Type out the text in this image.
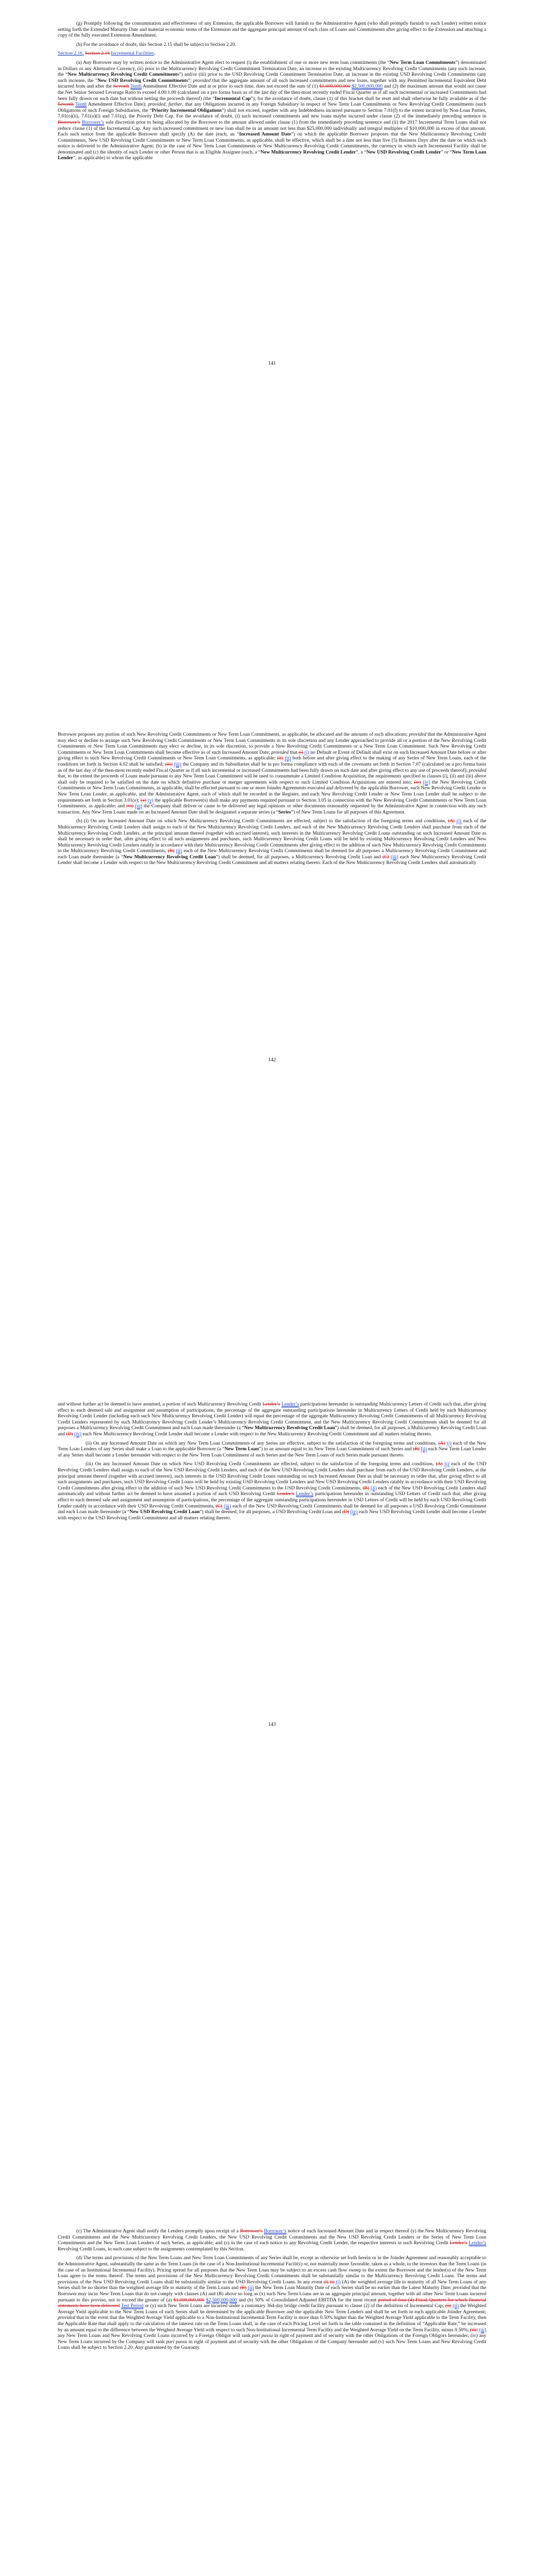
(g) Promptly following the consummation and effectiveness of any Extension, the applicable Borrower will furnish to the Administrative Agent (who shall promptly furnish to each Lender) written notice setting forth the Extended Maturity Date and material economic terms of the Extension and the aggregate principal amount of each class of Loans and Commitments after giving effect to the Extension and attaching a copy of the fully executed Extension Amendment.

(h) For the avoidance of doubt, this Section 2.15 shall be subject to Section 2.20.

Section 2.16. Section 2.16 Incremental Facilities.

(a) Any Borrower may by written notice to the Administrative Agent elect to request (i) the establishment of one or more new term loan commitments (the “New Term Loan Commitments”) denominated in Dollars or any Alternative Currency, (ii) prior to the Multicurrency Revolving Credit Commitment Termination Date, an increase to the existing Multicurrency Revolving Credit Commitments (any such increase, the “New Multicurrency Revolving Credit Commitments”) and/or (iii) prior to the USD Revolving Credit Commitment Termination Date, an increase in the existing USD Revolving Credit Commitments (any such increase, the “New USD Revolving Credit Commitments”; provided that the aggregate amount of all such increased commitments and new loans, together with any Permitted Incremental Equivalent Debt incurred from and after the Seventh Tenth Amendment Effective Date and at or prior to such time, does not exceed the sum of (1) $1,000,000,000 $2,500,000,000 and (2) the maximum amount that would not cause the Net Senior Secured Leverage Ratio to exceed 4.00:1.00 (calculated on a pro forma basis as of the last day of the then-most recently ended Fiscal Quarter as if all such incremental or increased Commitments had been fully drawn on such date but without netting the proceeds thereof) (the “Incremental Cap”); for the avoidance of doubt, clause (1) of this bracket shall be reset and shall otherwise be fully available as of the Seventh Tenth Amendment Effective Date); provided, further, that any Obligations incurred in any Foreign Subsidiary in respect of New Term Loan Commitments or New Revolving Credit Commitments (such Obligations of such Foreign Subsidiaries, the “Priority Incremental Obligations”) shall not exceed, together with any Indebtedness incurred pursuant to Section 7.01(f) to the extent incurred by Non-Loan Parties, 7.01(o)(ii), 7.01(u)(i) and 7.01(q), the Priority Debt Cap. For the avoidance of doubt, (i) such increased commitments and new loans maybe incurred under clause (2) of the immediately preceding sentence in Borrower’s Borrower’s sole discretion prior to being allocated by the Borrower to the amount allowed under clause (1) from the immediately preceding sentence and (ii) the 2017 Incremental Term Loans shall not reduce clause (1) of the Incremental Cap. Any such increased commitment or new loan shall be in an amount not less than $25,000,000 individually and integral multiples of $10,000,000 in excess of that amount. Each such notice from the applicable Borrower shall specify (A) the date (each, an “Increased Amount Date”) on which the applicable Borrower proposes that the New Multicurrency Revolving Credit Commitments, New USD Revolving Credit Commitments or New Term Loan Commitments, as applicable, shall be effective, which shall be a date not less than five (5) Business Days after the date on which such notice is delivered to the Administrative Agent; (b) in the case of New Term Loan Commitments or New Multicurrency Revolving Credit Commitments, the currency in which such Incremental Facility shall be denominated and (c) the identity of each Lender or other Person that is an Eligible Assignee (each, a “New Multicurrency Revolving Credit Lender”, a “New USD Revolving Credit Lender” or “New Term Loan Lender”, as applicable) to whom the applicable

141

Borrower proposes any portion of such New Revolving Credit Commitments or New Term Loan Commitments, as applicable, be allocated and the amounts of such allocations; provided that the Administrative Agent may elect or decline to arrange such New Revolving Credit Commitments or New Term Loan Commitments in its sole discretion and any Lender approached to provide all or a portion of the New Revolving Credit Commitments or New Term Loan Commitments may elect or decline, in its sole discretion, to provide a New Revolving Credit Commitments or a New Term Loan Commitment. Such New Revolving Credit Commitments or New Term Loan Commitments shall become effective as of such Increased Amount Date; provided that (i) (i) no Default or Event of Default shall exist on such Increased Amount Date before or after giving effect to such New Revolving Credit Commitments or New Term Loan Commitments, as applicable; (ii) (ii) both before and after giving effect to the making of any Series of New Term Loans, each of the conditions set forth in Section 4.02 shall be satisfied; (iii) (iii) the Company and its Subsidiaries shall be in pro forma compliance with each of the covenants set forth in Section 7.07 (calculated on a pro forma basis as of the last day of the then-most recently ended Fiscal Quarter as if all such incremental or increased Commitments had been fully drawn on such date and after giving effect to any use of proceeds thereof); provided that, to the extent the proceeds of Loans made pursuant to any New Term Loan Commitment will be used to consummate a Limited Condition Acquisition, the requirements specified in clauses (i), (ii) and (iii) above shall only be required to be satisfied on the date on which definitive purchase or merger agreements with respect to such Limited Condition Acquisitions are entered into; (iv) (iv) the New Revolving Credit Commitments or New Term Loan Commitments, as applicable, shall be effected pursuant to one or more Joinder Agreements executed and delivered by the applicable Borrower, each New Revolving Credit Lender or New Term Loan Lender, as applicable, and the Administrative Agent, each of which shall be recorded in the Register, and each New Revolving Credit Lender or New Term Loan Lender shall be subject to the requirements set forth in Section 3.01(e); (v) (v) the applicable Borrower(s) shall make any payments required pursuant to Section 3.05 in connection with the New Revolving Credit Commitments or New Term Loan Commitments, as applicable; and (vi) (vi) the Company shall deliver or cause to be delivered any legal opinions or other documents reasonably requested by the Administrative Agent in connection with any such transaction. Any New Term Loans made on an Increased Amount Date shall be designated a separate series (a “Series”) of New Term Loans for all purposes of this Agreement.

(b) (i) On any Increased Amount Date on which New Multicurrency Revolving Credit Commitments are effected, subject to the satisfaction of the foregoing terms and conditions, (A) (i) each of the Multicurrency Revolving Credit Lenders shall assign to each of the New Multicurrency Revolving Credit Lenders, and each of the New Multicurrency Revolving Credit Lenders shall purchase from each of the Multicurrency Revolving Credit Lenders, at the principal amount thereof (together with accrued interest), such interests in the Multicurrency Revolving Credit Loans outstanding on such Increased Amount Date as shall be necessary in order that, after giving effect to all such assignments and purchases, such Multicurrency Revolving Credit Loans will be held by existing Multicurrency Revolving Credit Lenders and New Multicurrency Revolving Credit Lenders ratably in accordance with their Multicurrency Revolving Credit Commitments after giving effect to the addition of such New Multicurrency Revolving Credit Commitments to the Multicurrency Revolving Credit Commitments, (B) (ii) each of the New Multicurrency Revolving Credit Commitments shall be deemed for all purposes a Multicurrency Revolving Credit Commitment and each Loan made thereunder (a “New Multicurrency Revolving Credit Loan”) shall be deemed, for all purposes, a Multicurrency Revolving Credit Loan and (C) (iii) each New Multicurrency Revolving Credit Lender shall become a Lender with respect to the New Multicurrency Revolving Credit Commitment and all matters relating thereto. Each of the New Multicurrency Revolving Credit Lenders shall automatically

142

and without further act be deemed to have assumed, a portion of such Multicurrency Revolving Credit Lender’s Lender’s participations hereunder in outstanding Multicurrency Letters of Credit such that, after giving effect to each deemed sale and assignment and assumption of participations, the percentage of the aggregate outstanding participations hereunder in Multicurrency Letters of Credit held by each Multicurrency Revolving Credit Lender (including each such New Multicurrency Revolving Credit Lender) will equal the percentage of the aggregate Multicurrency Revolving Credit Commitments of all Multicurrency Revolving Credit Lenders represented by such Multicurrency Revolving Credit Lender’s Multicurrency Revolving Credit Commitment, and the New Multicurrency Revolving Credit Commitments shall be deemed for all purposes a Multicurrency Revolving Credit Commitment and each Loan made thereunder (a “New Multicurrency Revolving Credit Loan”) shall be deemed, for all purposes, a Multicurrency Revolving Credit Loan and (D) (iv) each New Multicurrency Revolving Credit Lender shall become a Lender with respect to the New Multicurrency Revolving Credit Commitment and all matters relating thereto.

(ii) On any Increased Amount Date on which any New Term Loan Commitments of any Series are effective, subject to the satisfaction of the foregoing terms and conditions, (A) (i) each of the New Term Loan Lenders of any Series shall make a Loan to the applicable Borrower (a “New Term Loan”) in an amount equal to its New Term Loan Commitment of such Series and (B) (ii) each New Term Loan Lender of any Series shall become a Lender hereunder with respect to the New Term Loan Commitment of such Series and the New Term Loans of such Series made pursuant thereto.

(iii) On any Increased Amount Date on which New USD Revolving Credit Commitments are effected, subject to the satisfaction of the foregoing terms and conditions, (A) (i) each of the USD Revolving Credit Lenders shall assign to each of the New USD Revolving Credit Lenders, and each of the New USD Revolving Credit Lenders shall purchase from each of the USD Revolving Credit Lenders, at the principal amount thereof (together with accrued interest), such interests in the USD Revolving Credit Loans outstanding on such Increased Amount Date as shall be necessary in order that, after giving effect to all such assignments and purchases, such USD Revolving Credit Loans will be held by existing USD Revolving Credit Lenders and New USD Revolving Credit Lenders ratably in accordance with their USD Revolving Credit Commitments after giving effect to the addition of such New USD Revolving Credit Commitments to the USD Revolving Credit Commitments, (B) (ii) each of the New USD Revolving Credit Lenders shall automatically and without further act be deemed to have assumed a portion of such USD Revolving Credit Lender’s Lender’s participations hereunder in outstanding USD Letters of Credit such that, after giving effect to each deemed sale and assignment and assumption of participations, the percentage of the aggregate outstanding participations hereunder in USD Letters of Credit will be held by each USD Revolving Credit Lender ratably in accordance with their USD Revolving Credit Commitments, (C) (iii) each of the New USD Revolving Credit Commitments shall be deemed for all purposes a USD Revolving Credit Commitment and each Loan made thereunder (a “New USD Revolving Credit Loan”) shall be deemed, for all purposes, a USD Revolving Credit Loan and (D) (iv) each New USD Revolving Credit Lender shall become a Lender with respect to the USD Revolving Credit Commitment and all matters relating thereto.

143

(c) The Administrative Agent shall notify the Lenders promptly upon receipt of a Borrower’s Borrower’s notice of each Increased Amount Date and in respect thereof (y) the New Multicurrency Revolving Credit Commitments and the New Multicurrency Revolving Credit Lenders, the New USD Revolving Credit Commitments and the New USD Revolving Credit Lenders or the Series of New Term Loan Commitments and the New Term Loan Lenders of such Series, as applicable, and (z) in the case of each notice to any Revolving Credit Lender, the respective interests in such Revolving Credit Lender’s Lender’s Revolving Credit Loans, in each case subject to the assignments contemplated by this Section.

(d) The terms and provisions of the New Term Loans and New Term Loan Commitments of any Series shall be, except as otherwise set forth herein or in the Joinder Agreement and reasonably acceptable to the Administrative Agent, substantially the same as the Term Loans (in the case of a Non-Institutional Incremental Facility) or, not materially more favorable, taken as a whole, to the investors than the Term Loans (in the case of an Institutional Incremental Facility). Pricing spread for all purposes that the New Term Loan may be subject to an excess cash flow sweep to the extent the Borrower and the lender(s) of the New Term Loan agree to the terms thereof. The terms and provisions of the New Multicurrency Revolving Credit Commitments shall be substantially similar to the Multicurrency Revolving Credit Loans. The terms and provisions of the New USD Revolving Credit Loans shall be substantially similar to the USD Revolving Credit Loans. In any event (i) (i) (i) (A) the weighted average life to maturity of all New Term Loans of any Series shall be no shorter than the weighted average life to maturity of the Term Loans and (B) (ii) the New Term Loan Maturity Date of each Series shall be no earlier than the Latest Maturity Date; provided that the Borrower may incur New Term Loans that do not comply with clauses (A) and (B) above so long as (x) such New Term Loans are in an aggregate principal amount, together with all other New Term Loans incurred pursuant to this proviso, not to exceed the greater of (a) $1,000,000,000 $2,500,000,000 and (b) 50% of Consolidated Adjusted EBITDA for the most recent period of four (4) Fiscal Quarters for which financial statements have been delivered Test Period or (y) such New Term Loans are incurred under a customary 364-day bridge credit facility pursuant to clause (2) of the definition of Incremental Cap; (ii) (ii) the Weighted Average Yield applicable to the New Term Loans of each Series shall be determined by the applicable Borrower and the applicable New Term Lenders and shall be set forth in each applicable Joinder Agreement; provided that in the event that the Weighted Average Yield applicable to a Non-Institutional Incremental Term Facility is more than 0.50% higher than the Weighted Average Yield applicable to the Term Facility, then the Applicable Rate that shall apply to the calculation of the interest rate on the Term Loans shall, in the case of each Pricing Level set forth in the table contained in the definition of “Applicable Rate,” be increased by an amount equal to the difference between the Weighted Average Yield with respect to such Non-Institutional Incremental Term Facility and the Weighted Average Yield on the Term Facility, minus 0.50%; (iii) (iii) any New Term Loans and New Revolving Credit Loans incurred by a Foreign Obligor will rank pari passu in right of payment and of security with the other Obligations of the Foreign Obligors hereunder; (iv) any New Term Loans incurred by the Company will rank pari passu in right of payment and of security with the other Obligations of the Company hereunder and (v) such New Term Loans and New Revolving Credit Loans shall be subject to Section 2.20. Any guaranteed by the Guaranty.
